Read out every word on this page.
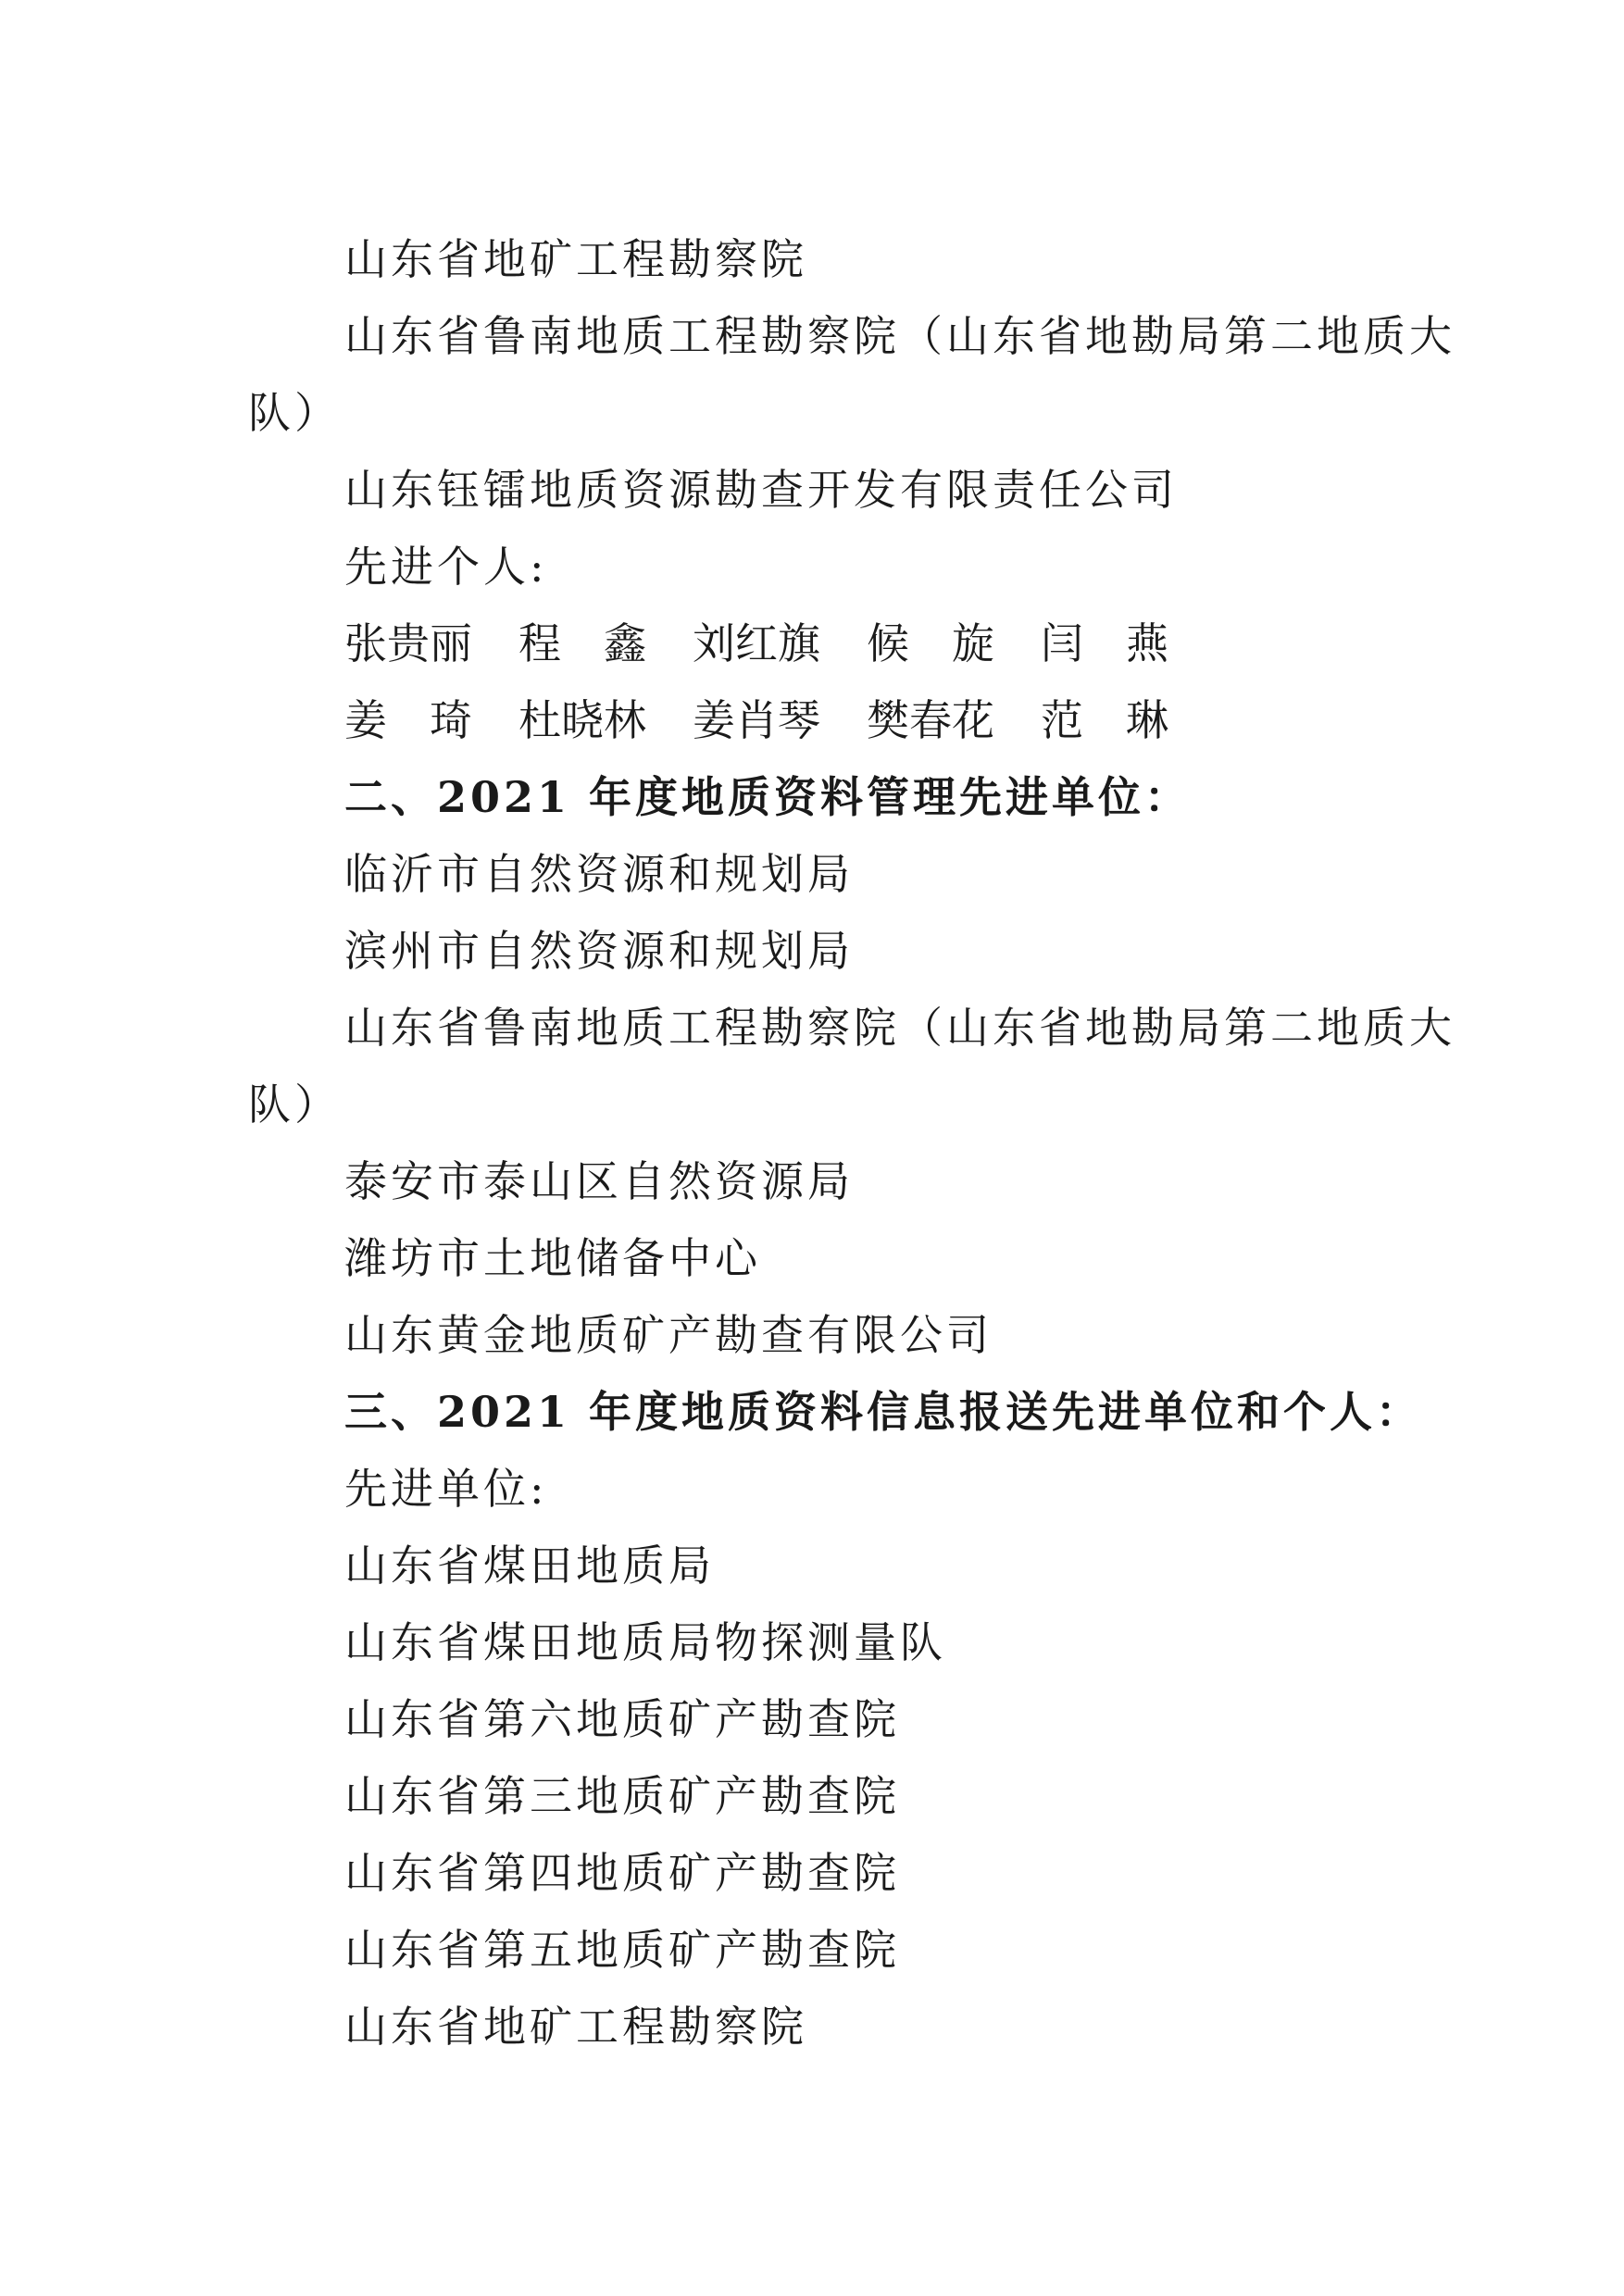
山东省地矿工程勘察院
山东省鲁南地质工程勘察院（山东省地勘局第二地质大
队）
山东钰镭地质资源勘查开发有限责任公司
先进个人:
张贵丽 程　鑫 刘红旗 候　旋 闫　燕
姜　琦 杜晓林 姜肖琴 樊春花 范　琳
二、2021 年度地质资料管理先进单位：
临沂市自然资源和规划局
滨州市自然资源和规划局
山东省鲁南地质工程勘察院（山东省地勘局第二地质大
队）
泰安市泰山区自然资源局
潍坊市土地储备中心
山东黄金地质矿产勘查有限公司
三、2021 年度地质资料信息报送先进单位和个人：
先进单位:
山东省煤田地质局
山东省煤田地质局物探测量队
山东省第六地质矿产勘查院
山东省第三地质矿产勘查院
山东省第四地质矿产勘查院
山东省第五地质矿产勘查院
山东省地矿工程勘察院
